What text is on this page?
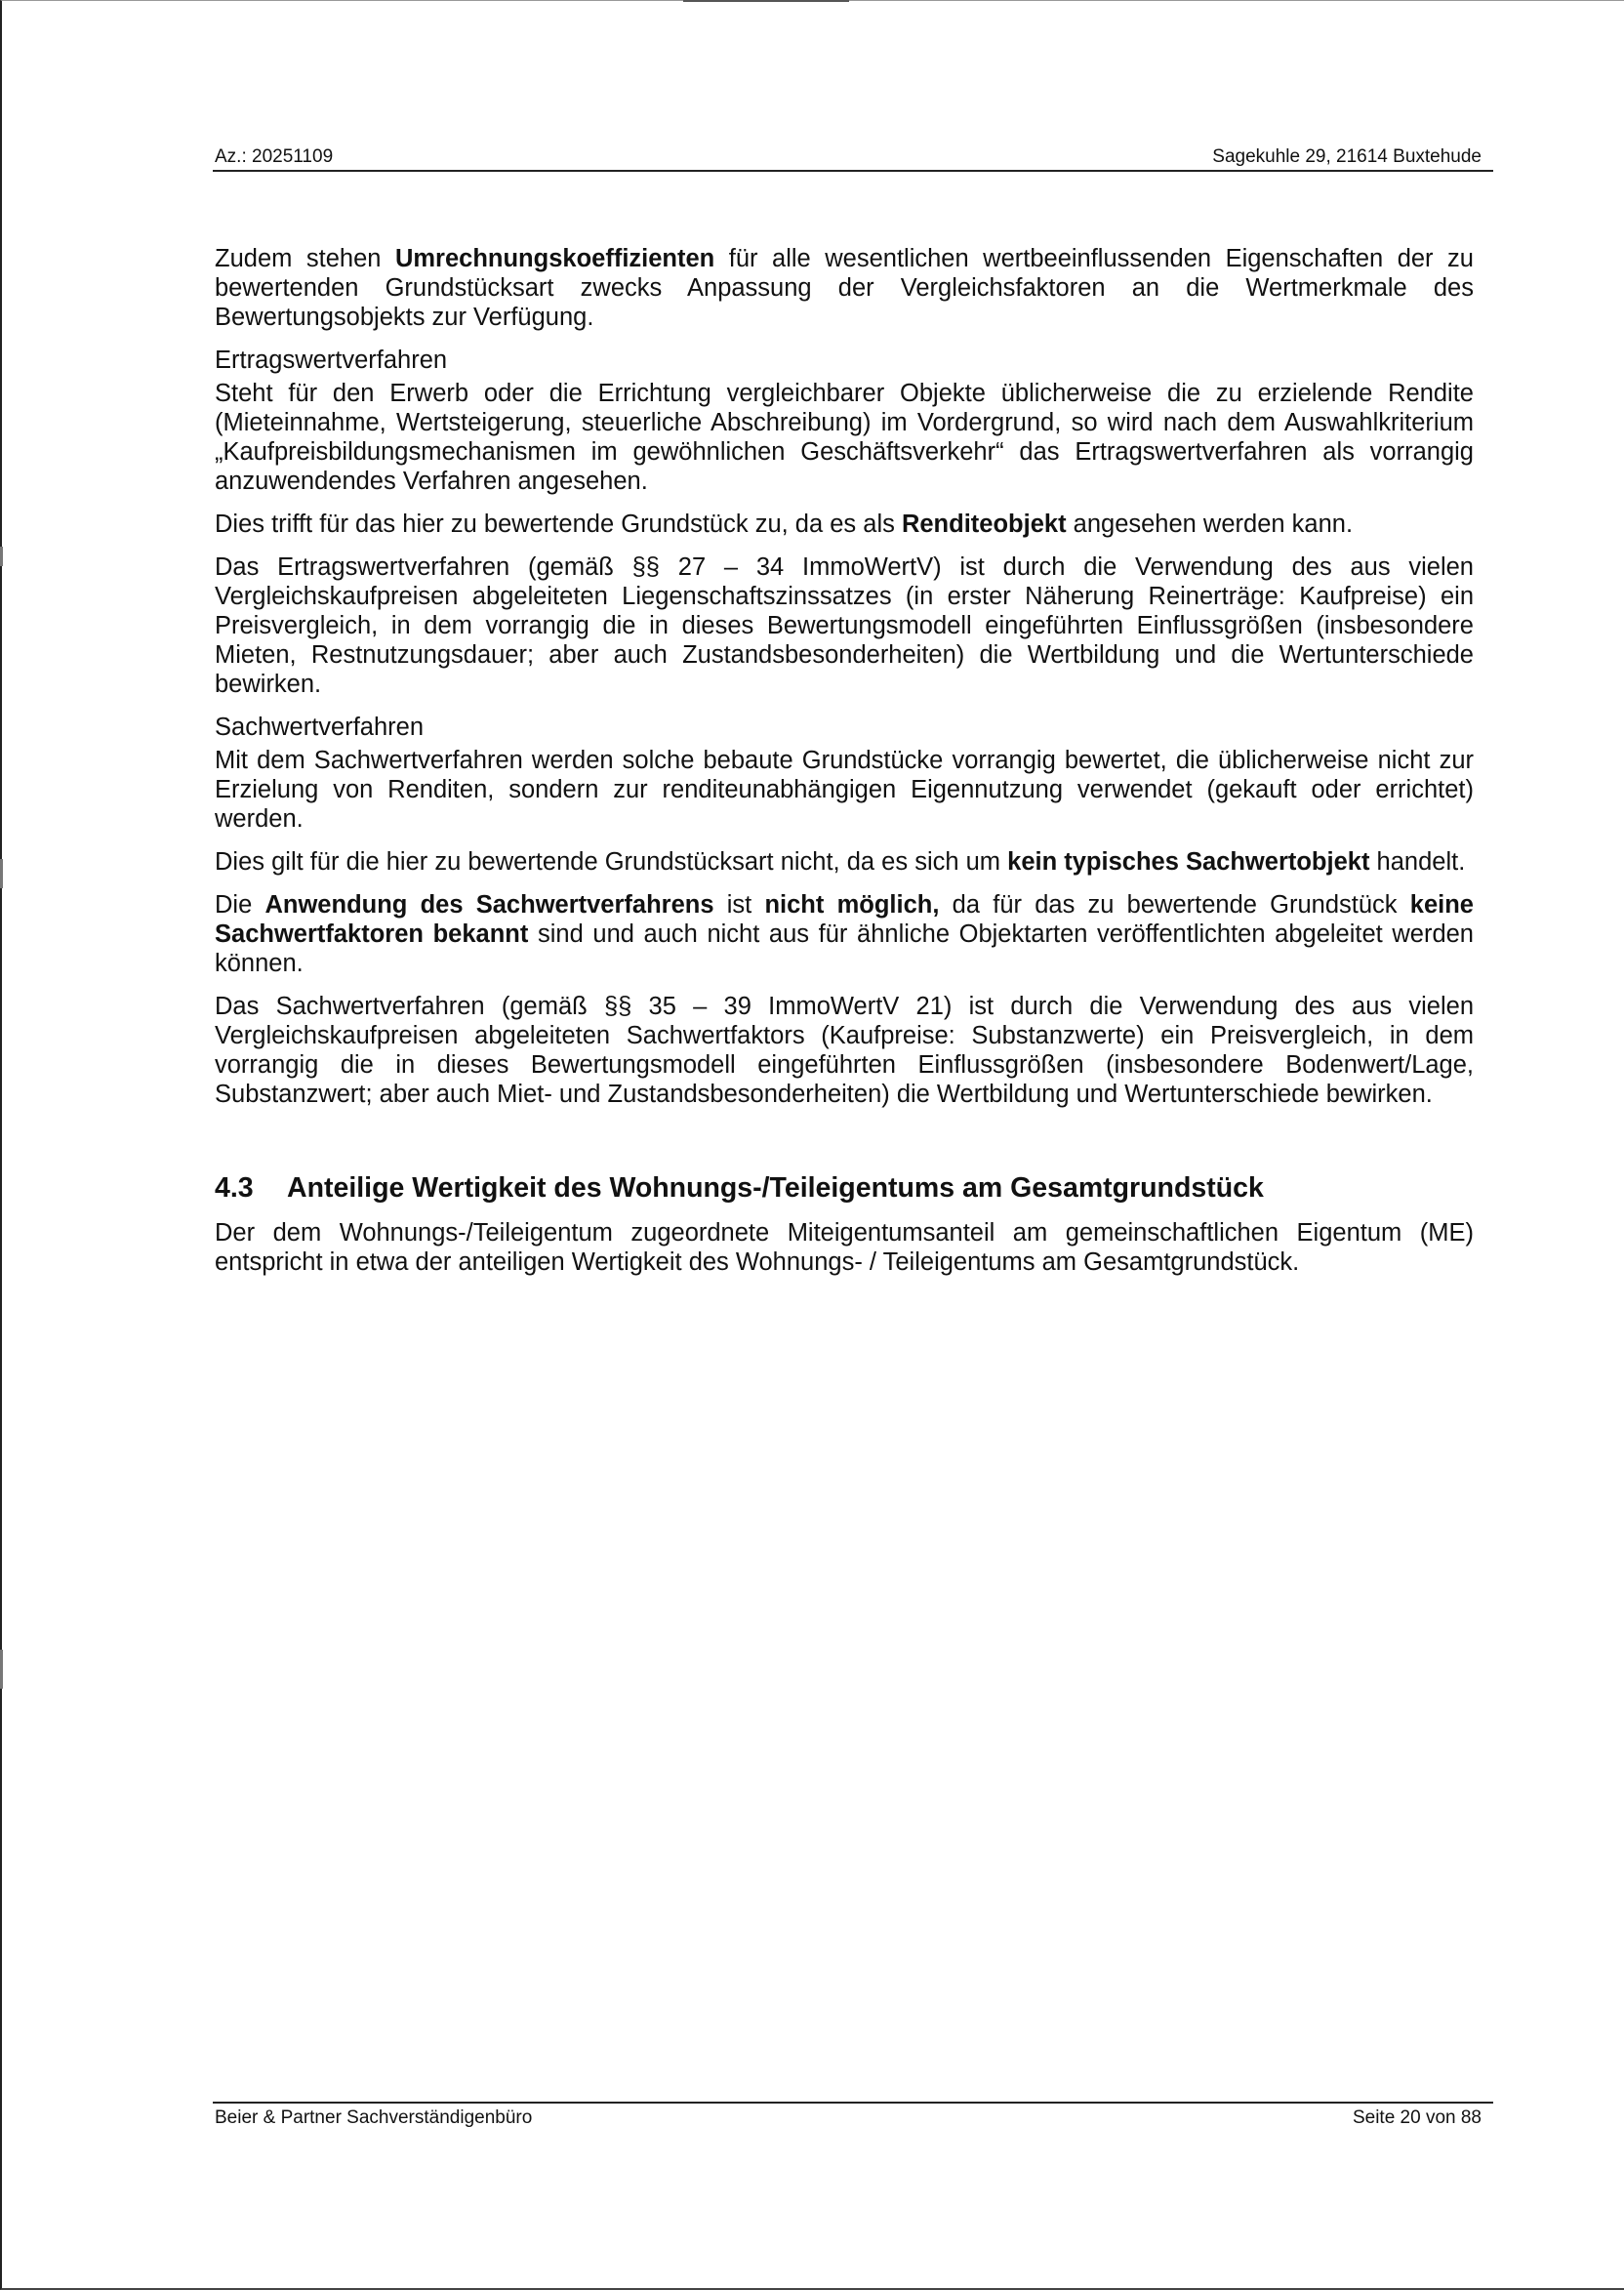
Az.: 20251109	Sagekuhle 29, 21614 Buxtehude

Zudem stehen Umrechnungskoeffizienten für alle wesentlichen wertbeeinflussenden Eigenschaften der zu bewertenden Grundstücksart zwecks Anpassung der Vergleichsfaktoren an die Wertmerkmale des Bewertungsobjekts zur Verfügung.

Ertragswertverfahren

Steht für den Erwerb oder die Errichtung vergleichbarer Objekte üblicherweise die zu erzielende Rendite (Mieteinnahme, Wertsteigerung, steuerliche Abschreibung) im Vordergrund, so wird nach dem Auswahlkriterium „Kaufpreisbildungsmechanismen im gewöhnlichen Geschäftsverkehr“ das Ertragswertverfahren als vorrangig anzuwendendes Verfahren angesehen.

Dies trifft für das hier zu bewertende Grundstück zu, da es als Renditeobjekt angesehen werden kann.

Das Ertragswertverfahren (gemäß §§ 27 – 34 ImmoWertV) ist durch die Verwendung des aus vielen Vergleichskaufpreisen abgeleiteten Liegenschaftszinssatzes (in erster Näherung Reinerträge: Kaufpreise) ein Preisvergleich, in dem vorrangig die in dieses Bewertungsmodell eingeführten Einflussgrößen (insbesondere Mieten, Restnutzungsdauer; aber auch Zustandsbesonderheiten) die Wertbildung und die Wertunterschiede bewirken.

Sachwertverfahren

Mit dem Sachwertverfahren werden solche bebaute Grundstücke vorrangig bewertet, die üblicherweise nicht zur Erzielung von Renditen, sondern zur renditeunabhängigen Eigennutzung verwendet (gekauft oder errichtet) werden.

Dies gilt für die hier zu bewertende Grundstücksart nicht, da es sich um kein typisches Sachwertobjekt handelt.

Die Anwendung des Sachwertverfahrens ist nicht möglich, da für das zu bewertende Grundstück keine Sachwertfaktoren bekannt sind und auch nicht aus für ähnliche Objektarten veröffentlichten abgeleitet werden können.

Das Sachwertverfahren (gemäß §§ 35 – 39 ImmoWertV 21) ist durch die Verwendung des aus vielen Vergleichskaufpreisen abgeleiteten Sachwertfaktors (Kaufpreise: Substanzwerte) ein Preisvergleich, in dem vorrangig die in dieses Bewertungsmodell eingeführten Einflussgrößen (insbesondere Bodenwert/Lage, Substanzwert; aber auch Miet- und Zustandsbesonderheiten) die Wertbildung und Wertunterschiede bewirken.

4.3 Anteilige Wertigkeit des Wohnungs-/Teileigentums am Gesamtgrundstück

Der dem Wohnungs-/Teileigentum zugeordnete Miteigentumsanteil am gemeinschaftlichen Eigentum (ME) entspricht in etwa der anteiligen Wertigkeit des Wohnungs- / Teileigentums am Gesamtgrundstück.

Beier & Partner Sachverständigenbüro	Seite 20 von 88
